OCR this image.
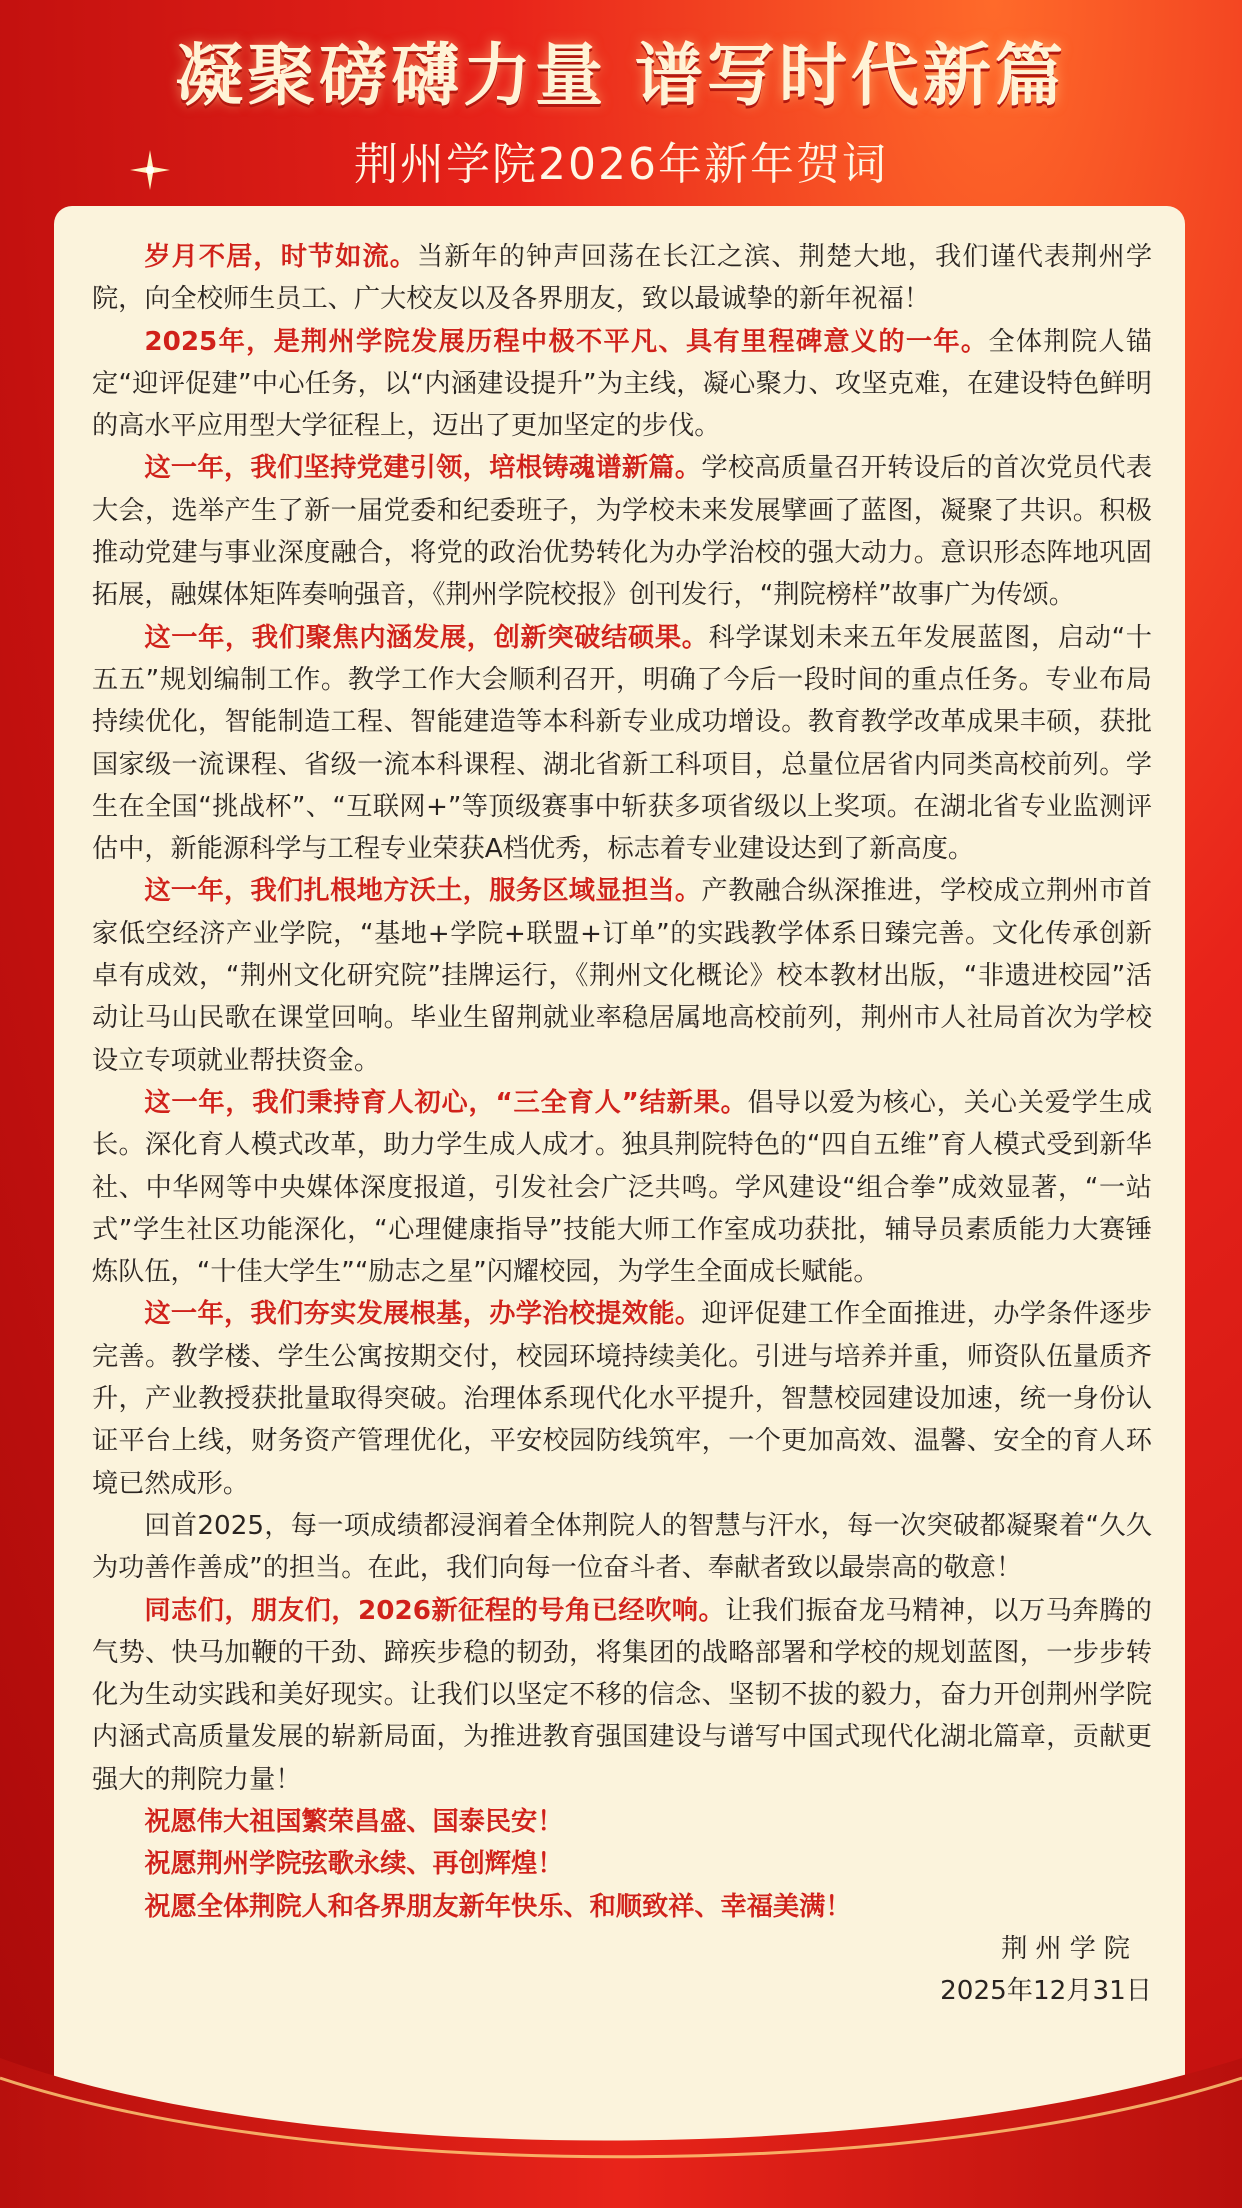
凝聚磅礴力量 谱写时代新篇
荆州学院2026年新年贺词

岁月不居，时节如流。当新年的钟声回荡在长江之滨、荆楚大地，我们谨代表荆州学院，向全校师生员工、广大校友以及各界朋友，致以最诚挚的新年祝福！

2025年，是荆州学院发展历程中极不平凡、具有里程碑意义的一年。全体荆院人锚定“迎评促建”中心任务，以“内涵建设提升”为主线，凝心聚力、攻坚克难，在建设特色鲜明的高水平应用型大学征程上，迈出了更加坚定的步伐。

这一年，我们坚持党建引领，培根铸魂谱新篇。学校高质量召开转设后的首次党员代表大会，选举产生了新一届党委和纪委班子，为学校未来发展擘画了蓝图，凝聚了共识。积极推动党建与事业深度融合，将党的政治优势转化为办学治校的强大动力。意识形态阵地巩固拓展，融媒体矩阵奏响强音，《荆州学院校报》创刊发行，“荆院榜样”故事广为传颂。

这一年，我们聚焦内涵发展，创新突破结硕果。科学谋划未来五年发展蓝图，启动“十五五”规划编制工作。教学工作大会顺利召开，明确了今后一段时间的重点任务。专业布局持续优化，智能制造工程、智能建造等本科新专业成功增设。教育教学改革成果丰硕，获批国家级一流课程、省级一流本科课程、湖北省新工科项目，总量位居省内同类高校前列。学生在全国“挑战杯”、“互联网+”等顶级赛事中斩获多项省级以上奖项。在湖北省专业监测评估中，新能源科学与工程专业荣获A档优秀，标志着专业建设达到了新高度。

这一年，我们扎根地方沃土，服务区域显担当。产教融合纵深推进，学校成立荆州市首家低空经济产业学院，“基地+学院+联盟+订单”的实践教学体系日臻完善。文化传承创新卓有成效，“荆州文化研究院”挂牌运行，《荆州文化概论》校本教材出版，“非遗进校园”活动让马山民歌在课堂回响。毕业生留荆就业率稳居属地高校前列，荆州市人社局首次为学校设立专项就业帮扶资金。

这一年，我们秉持育人初心，“三全育人”结新果。倡导以爱为核心，关心关爱学生成长。深化育人模式改革，助力学生成人成才。独具荆院特色的“四自五维”育人模式受到新华社、中华网等中央媒体深度报道，引发社会广泛共鸣。学风建设“组合拳”成效显著，“一站式”学生社区功能深化，“心理健康指导”技能大师工作室成功获批，辅导员素质能力大赛锤炼队伍，“十佳大学生”“励志之星”闪耀校园，为学生全面成长赋能。

这一年，我们夯实发展根基，办学治校提效能。迎评促建工作全面推进，办学条件逐步完善。教学楼、学生公寓按期交付，校园环境持续美化。引进与培养并重，师资队伍量质齐升，产业教授获批量取得突破。治理体系现代化水平提升，智慧校园建设加速，统一身份认证平台上线，财务资产管理优化，平安校园防线筑牢，一个更加高效、温馨、安全的育人环境已然成形。

回首2025，每一项成绩都浸润着全体荆院人的智慧与汗水，每一次突破都凝聚着“久久为功善作善成”的担当。在此，我们向每一位奋斗者、奉献者致以最崇高的敬意！

同志们，朋友们，2026新征程的号角已经吹响。让我们振奋龙马精神，以万马奔腾的气势、快马加鞭的干劲、蹄疾步稳的韧劲，将集团的战略部署和学校的规划蓝图，一步步转化为生动实践和美好现实。让我们以坚定不移的信念、坚韧不拔的毅力，奋力开创荆州学院内涵式高质量发展的崭新局面，为推进教育强国建设与谱写中国式现代化湖北篇章，贡献更强大的荆院力量！

祝愿伟大祖国繁荣昌盛、国泰民安！

祝愿荆州学院弦歌永续、再创辉煌！

祝愿全体荆院人和各界朋友新年快乐、和顺致祥、幸福美满！

荆州学院

2025年12月31日
